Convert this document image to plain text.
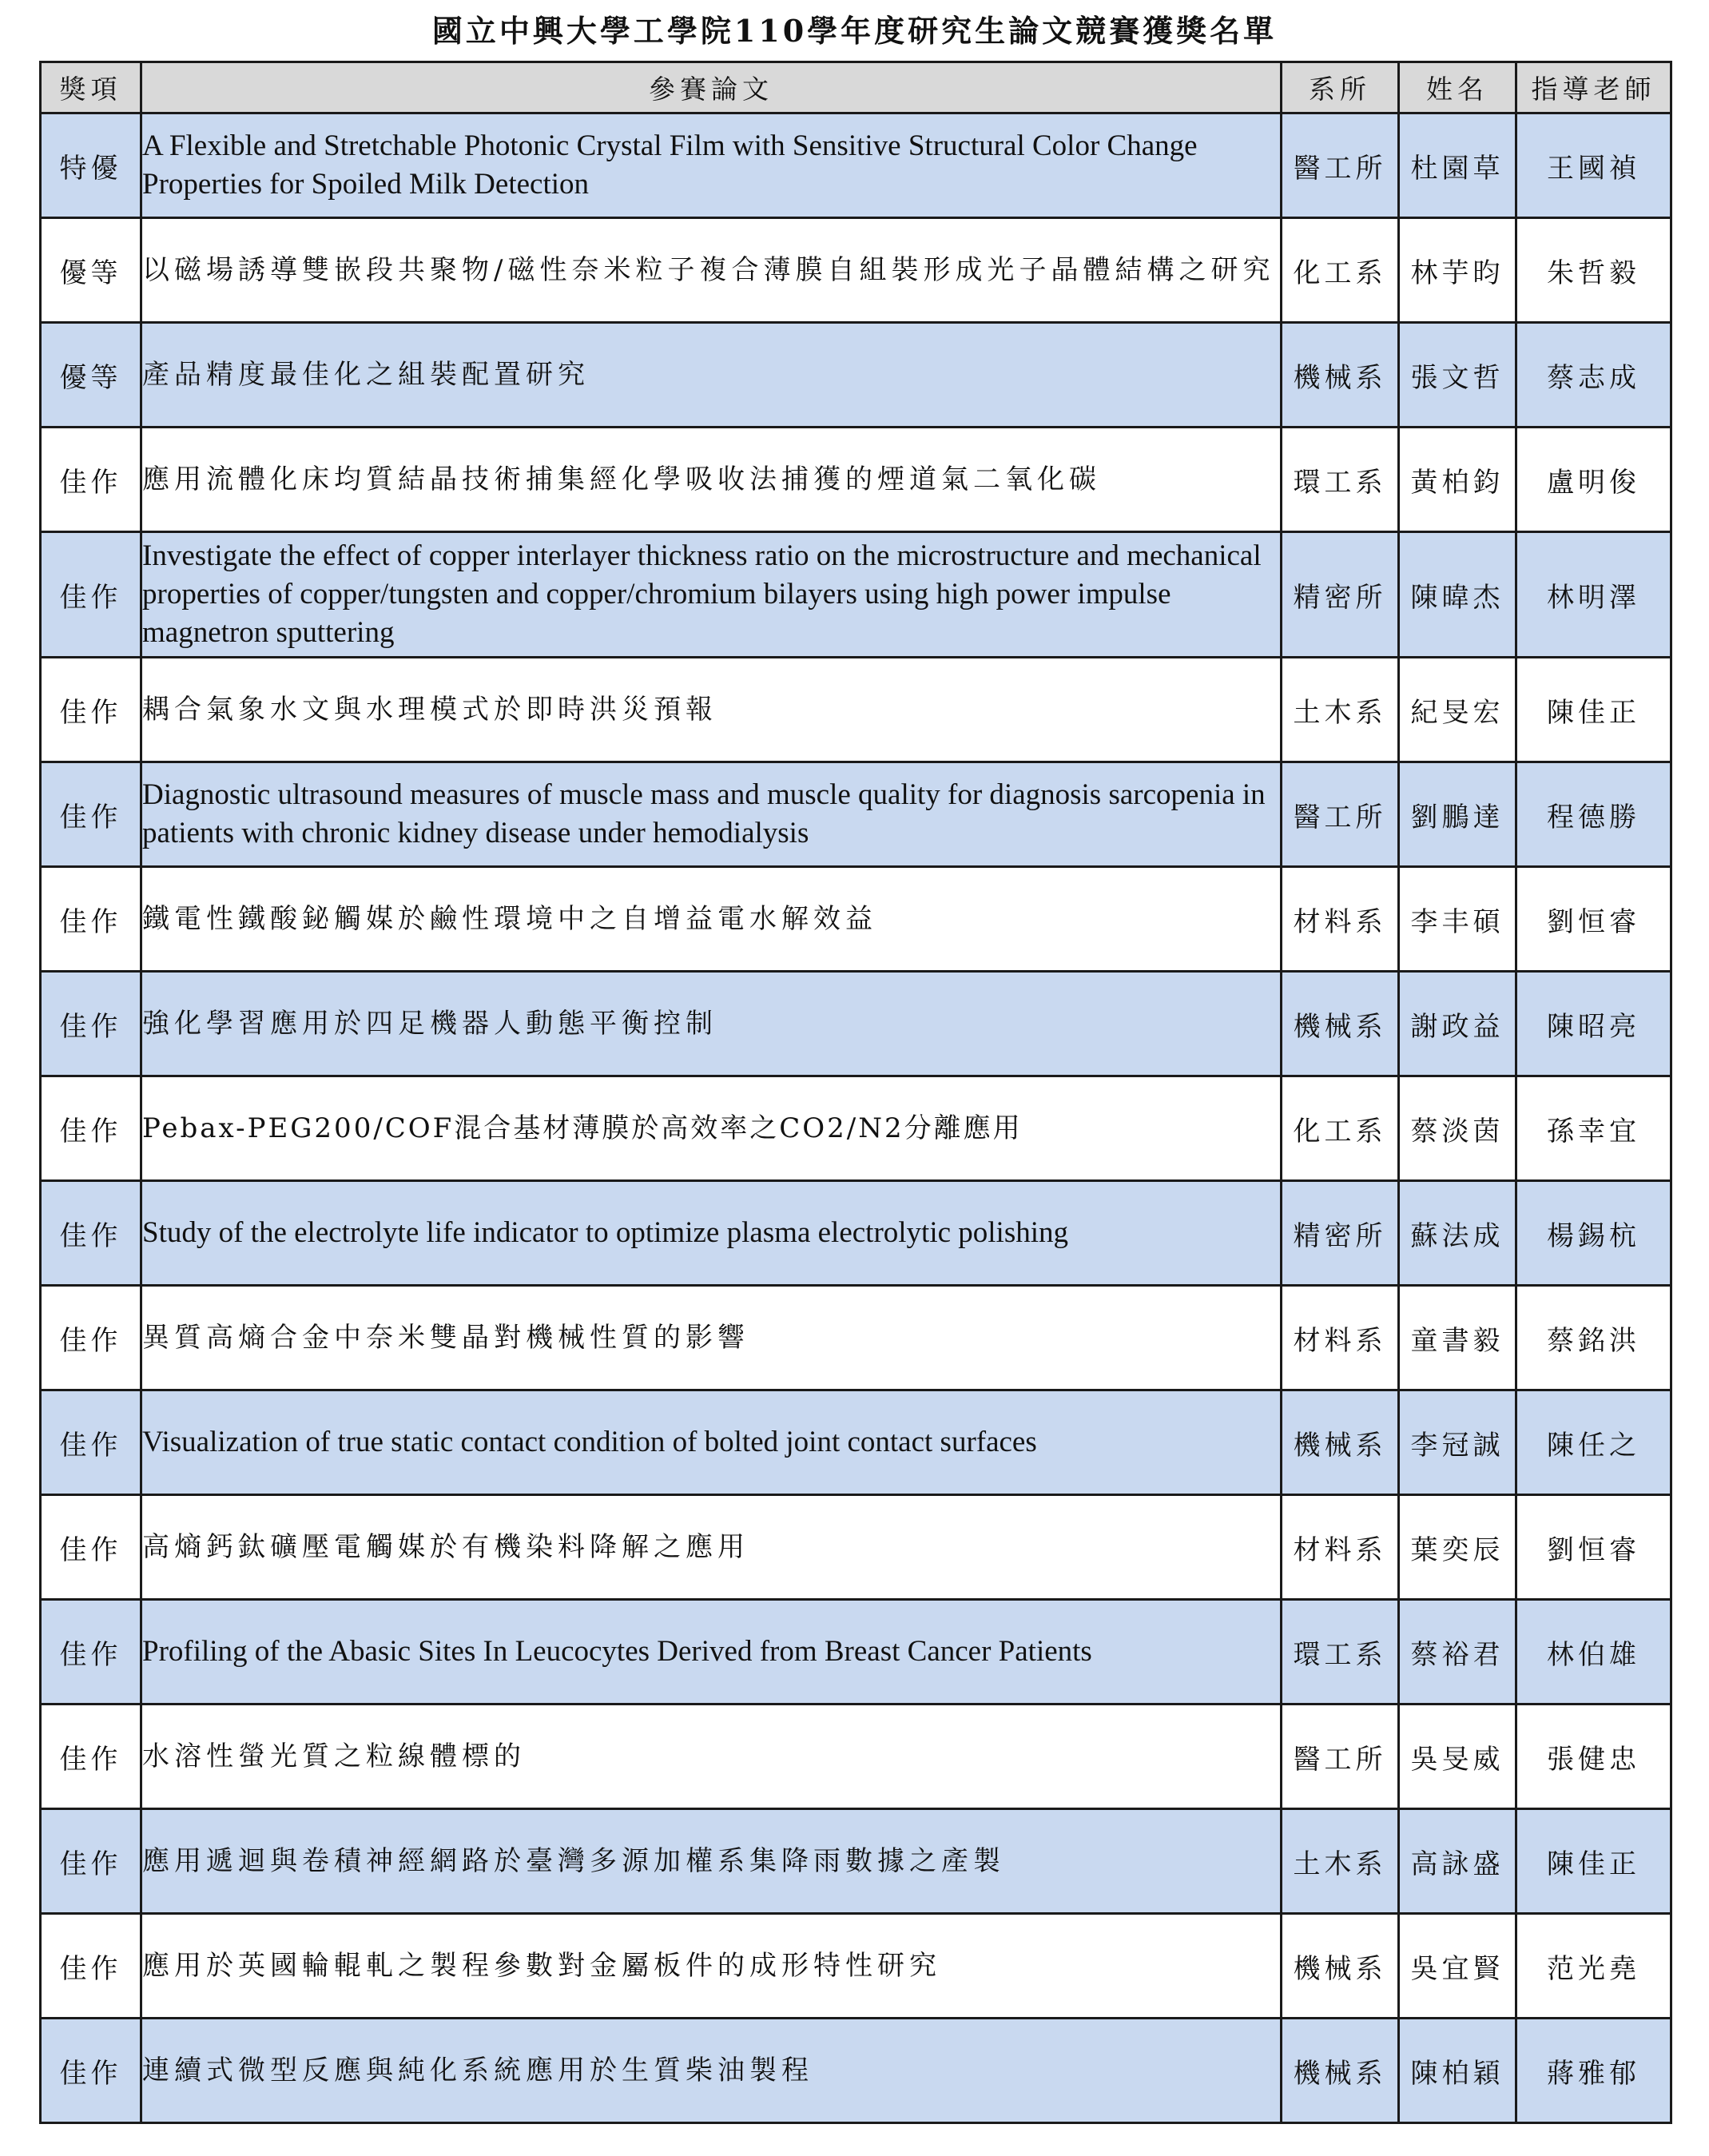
國立中興大學工學院110學年度研究生論文競賽獲獎名單
獎項	參賽論文	系所	姓名	指導老師
特優	A Flexible and Stretchable Photonic Crystal Film with Sensitive Structural Color Change Properties for Spoiled Milk Detection	醫工所	杜園草	王國禎
優等	以磁場誘導雙嵌段共聚物/磁性奈米粒子複合薄膜自組裝形成光子晶體結構之研究	化工系	林芋昀	朱哲毅
優等	產品精度最佳化之組裝配置研究	機械系	張文哲	蔡志成
佳作	應用流體化床均質結晶技術捕集經化學吸收法捕獲的煙道氣二氧化碳	環工系	黃柏鈞	盧明俊
佳作	Investigate the effect of copper interlayer thickness ratio on the microstructure and mechanical properties of copper/tungsten and copper/chromium bilayers using high power impulse magnetron sputtering	精密所	陳暐杰	林明澤
佳作	耦合氣象水文與水理模式於即時洪災預報	土木系	紀旻宏	陳佳正
佳作	Diagnostic ultrasound measures of muscle mass and muscle quality for diagnosis sarcopenia in patients with chronic kidney disease under hemodialysis	醫工所	劉鵬達	程德勝
佳作	鐵電性鐵酸鉍觸媒於鹼性環境中之自增益電水解效益	材料系	李丰碩	劉恒睿
佳作	強化學習應用於四足機器人動態平衡控制	機械系	謝政益	陳昭亮
佳作	Pebax-PEG200/COF混合基材薄膜於高效率之CO2/N2分離應用	化工系	蔡淡茵	孫幸宜
佳作	Study of the electrolyte life indicator to optimize plasma electrolytic polishing	精密所	蘇法成	楊錫杭
佳作	異質高熵合金中奈米雙晶對機械性質的影響	材料系	童書毅	蔡銘洪
佳作	Visualization of true static contact condition of bolted joint contact surfaces	機械系	李冠誠	陳任之
佳作	高熵鈣鈦礦壓電觸媒於有機染料降解之應用	材料系	葉奕辰	劉恒睿
佳作	Profiling of the Abasic Sites In Leucocytes Derived from Breast Cancer Patients	環工系	蔡裕君	林伯雄
佳作	水溶性螢光質之粒線體標的	醫工所	吳旻威	張健忠
佳作	應用遞迴與卷積神經網路於臺灣多源加權系集降雨數據之產製	土木系	高詠盛	陳佳正
佳作	應用於英國輪輥軋之製程參數對金屬板件的成形特性研究	機械系	吳宜賢	范光堯
佳作	連續式微型反應與純化系統應用於生質柴油製程	機械系	陳柏穎	蔣雅郁
